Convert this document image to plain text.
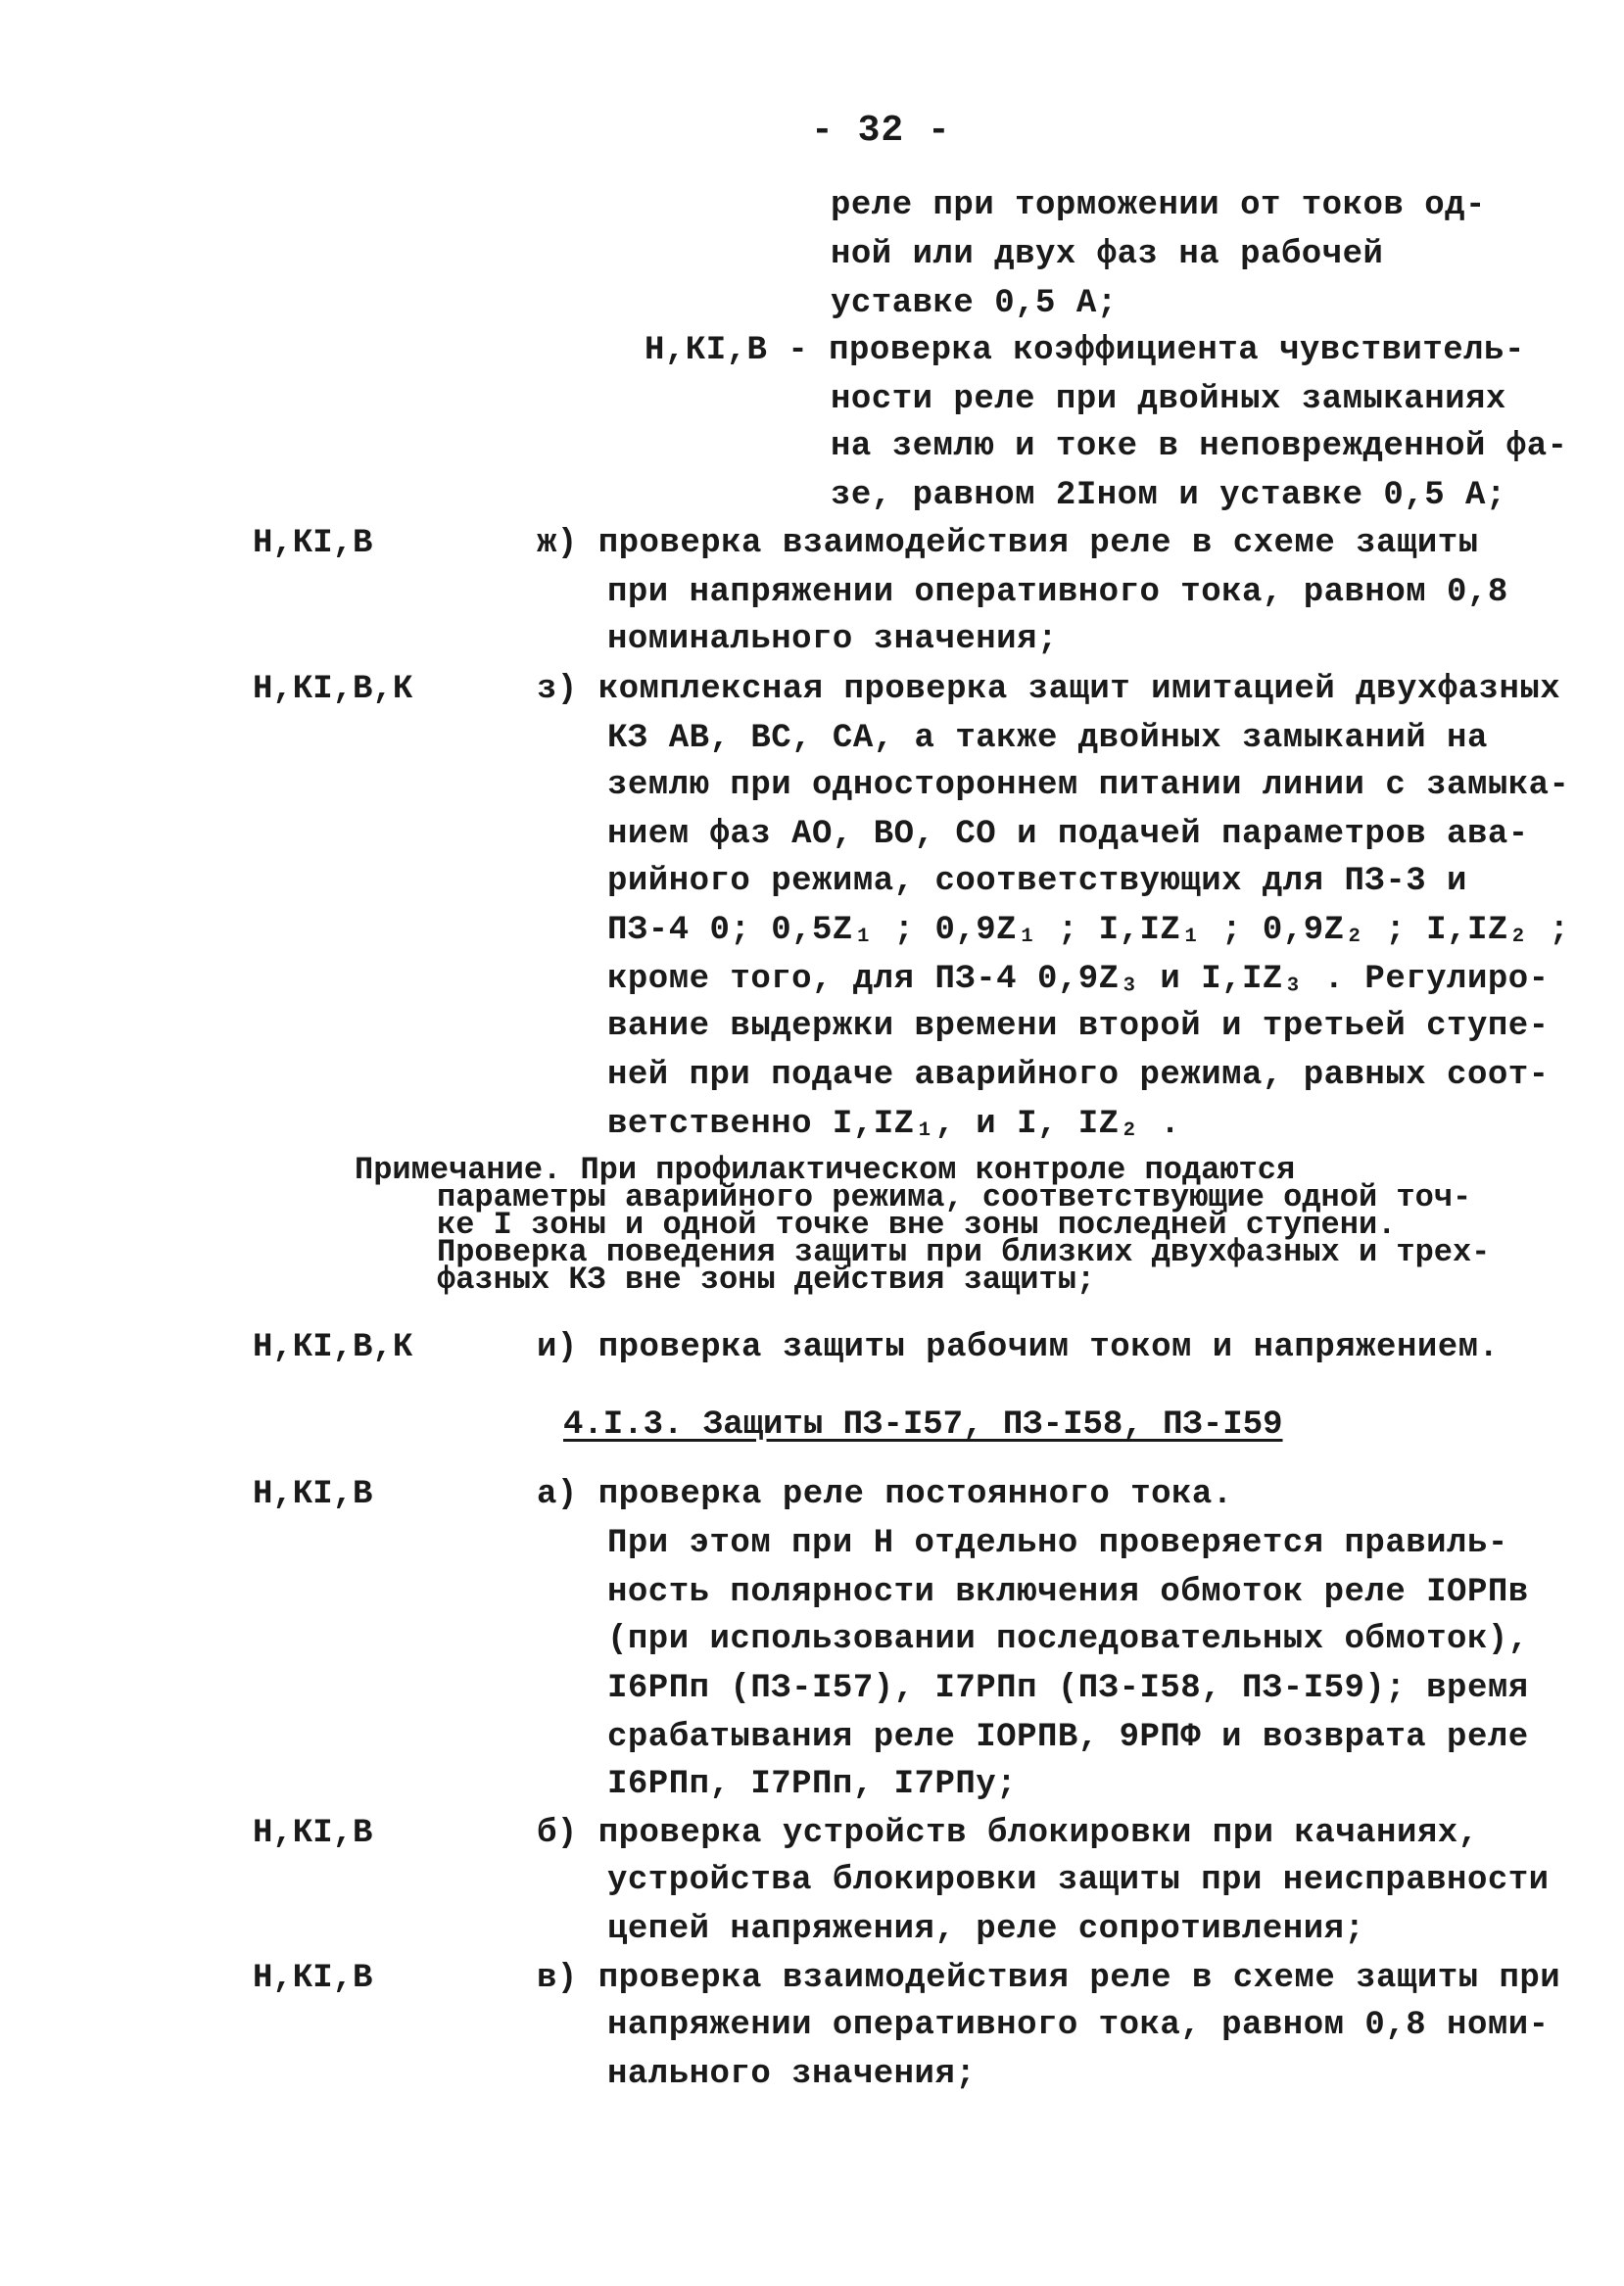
- 32 -
реле при торможении от токов од-
ной или двух фаз на рабочей
уставке 0,5 А;
Н,КI,В - проверка коэффициента чувствитель-
ности реле при двойных замыканиях
на землю и токе в неповрежденной фа-
зе, равном 2Iном и уставке 0,5 А;
Н,КI,В	ж) проверка взаимодействия реле в схеме защиты
при напряжении оперативного тока, равном 0,8
номинального значения;
Н,КI,В,К	з) комплексная проверка защит имитацией двухфазных
КЗ АВ, ВС, СА, а также двойных замыканий на
землю при одностороннем питании линии с замыка-
нием фаз АО, ВО, СО и подачей параметров ава-
рийного режима, соответствующих для ПЗ-3 и
ПЗ-4 0; 0,5Z₁ ; 0,9Z₁ ; I,IZ₁ ; 0,9Z₂ ; I,IZ₂ ;
кроме того, для ПЗ-4 0,9Z₃ и I,IZ₃ . Регулиро-
вание выдержки времени второй и третьей ступе-
ней при подаче аварийного режима, равных соот-
ветственно I,IZ₁, и I, IZ₂ .
Примечание. При профилактическом контроле подаются
параметры аварийного режима, соответствующие одной точ-
ке I зоны и одной точке вне зоны последней ступени.
Проверка поведения защиты при близких двухфазных и трех-
фазных КЗ вне зоны действия защиты;
Н,КI,В,К	и) проверка защиты рабочим током и напряжением.
4.I.3. Защиты ПЗ-I57, ПЗ-I58, ПЗ-I59
Н,КI,В	а) проверка реле постоянного тока.
При этом при Н отдельно проверяется правиль-
ность полярности включения обмоток реле IОРПв
(при использовании последовательных обмоток),
I6РПп (ПЗ-I57), I7РПп (ПЗ-I58, ПЗ-I59); время
срабатывания реле IОРПВ, 9РПФ и возврата реле
I6РПп, I7РПп, I7РПу;
Н,КI,В	б) проверка устройств блокировки при качаниях,
устройства блокировки защиты при неисправности
цепей напряжения, реле сопротивления;
Н,КI,В	в) проверка взаимодействия реле в схеме защиты при
напряжении оперативного тока, равном 0,8 номи-
нального значения;
